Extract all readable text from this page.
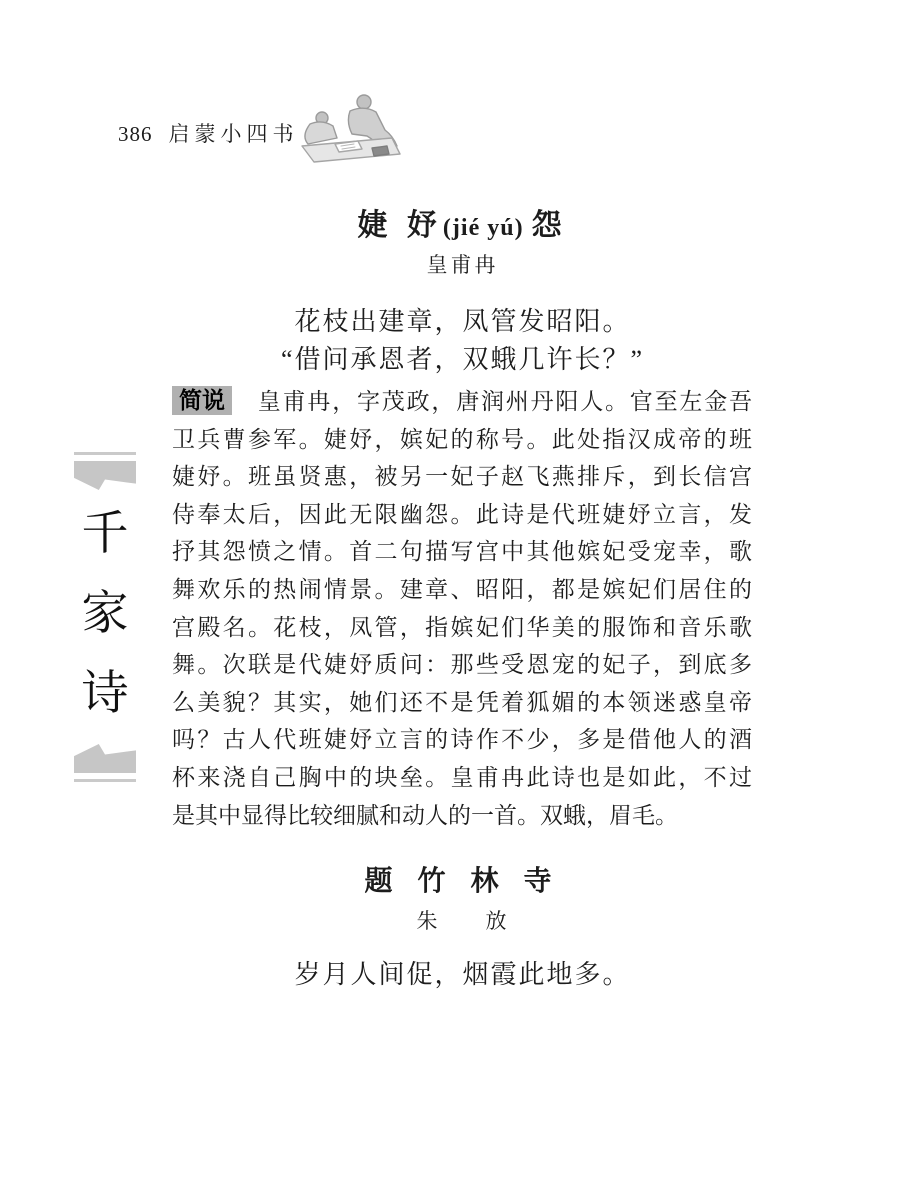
386 启蒙小四书
千
家
诗
婕 妤(jié yú) 怨
皇甫冉
花枝出建章，凤管发昭阳。
“借问承恩者，双蛾几许长？”
简说 皇甫冉，字茂政，唐润州丹阳人。官至左金吾
卫兵曹参军。婕妤，嫔妃的称号。此处指汉成帝的班
婕妤。班虽贤惠，被另一妃子赵飞燕排斥，到长信宫
侍奉太后，因此无限幽怨。此诗是代班婕妤立言，发
抒其怨愤之情。首二句描写宫中其他嫔妃受宠幸，歌
舞欢乐的热闹情景。建章、昭阳，都是嫔妃们居住的
宫殿名。花枝，凤管，指嫔妃们华美的服饰和音乐歌
舞。次联是代婕妤质问：那些受恩宠的妃子，到底多
么美貌？其实，她们还不是凭着狐媚的本领迷惑皇帝
吗？古人代班婕妤立言的诗作不少，多是借他人的酒
杯来浇自己胸中的块垒。皇甫冉此诗也是如此，不过
是其中显得比较细腻和动人的一首。双蛾，眉毛。
题 竹 林 寺
朱　　放
岁月人间促，烟霞此地多。
